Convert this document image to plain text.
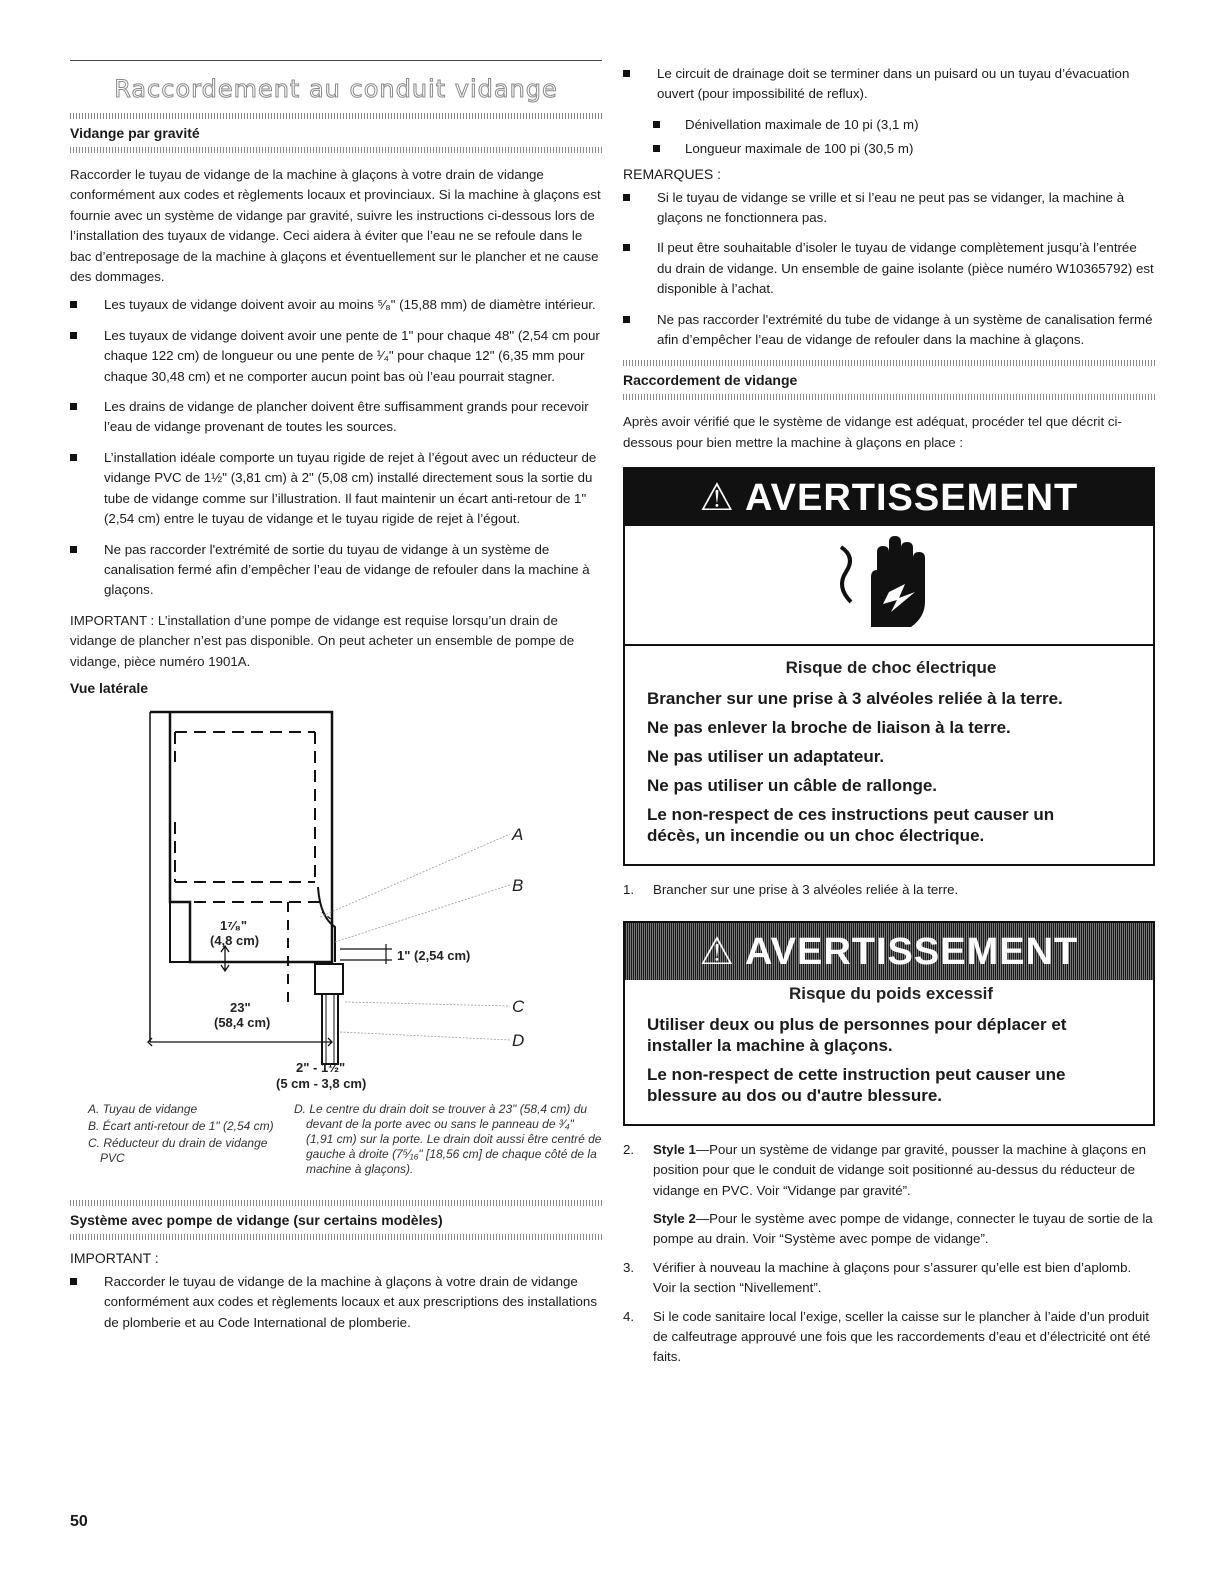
Raccordement au conduit vidange
Vidange par gravité

Raccorder le tuyau de vidange de la machine à glaçons à votre drain de vidange conformément aux codes et règlements locaux et provinciaux. Si la machine à glaçons est fournie avec un système de vidange par gravité, suivre les instructions ci-dessous lors de l’installation des tuyaux de vidange. Ceci aidera à éviter que l’eau ne se refoule dans le bac d’entreposage de la machine à glaçons et éventuellement sur le plancher et ne cause des dommages.

Les tuyaux de vidange doivent avoir au moins ⁵⁄₈" (15,88 mm) de diamètre intérieur.
Les tuyaux de vidange doivent avoir une pente de 1" pour chaque 48" (2,54 cm pour chaque 122 cm) de longueur ou une pente de ¹⁄₄" pour chaque 12" (6,35 mm pour chaque 30,48 cm) et ne comporter aucun point bas où l’eau pourrait stagner.
Les drains de vidange de plancher doivent être suffisamment grands pour recevoir l’eau de vidange provenant de toutes les sources.
L’installation idéale comporte un tuyau rigide de rejet à l’égout avec un réducteur de vidange PVC de 1½" (3,81 cm) à 2" (5,08 cm) installé directement sous la sortie du tube de vidange comme sur l’illustration. Il faut maintenir un écart anti-retour de 1" (2,54 cm) entre le tuyau de vidange et le tuyau rigide de rejet à l’égout.
Ne pas raccorder l'extrémité de sortie du tuyau de vidange à un système de canalisation fermé afin d’empêcher l’eau de vidange de refouler dans la machine à glaçons.

IMPORTANT : L’installation d’une pompe de vidange est requise lorsqu’un drain de vidange de plancher n’est pas disponible. On peut acheter un ensemble de pompe de vidange, pièce numéro 1901A.

Vue latérale
1⁷⁄₈"
(4,8 cm)
1" (2,54 cm)
23"
(58,4 cm)
2" - 1½"
(5 cm - 3,8 cm)
A
B
C
D
A. Tuyau de vidange
B. Écart anti-retour de 1" (2,54 cm)
C. Réducteur du drain de vidange PVC
D. Le centre du drain doit se trouver à 23" (58,4 cm) du devant de la porte avec ou sans le panneau de ³⁄₄" (1,91 cm) sur la porte. Le drain doit aussi être centré de gauche à droite (7⁵⁄₁₆" [18,56 cm] de chaque côté de la machine à glaçons).
Système avec pompe de vidange (sur certains modèles)
IMPORTANT :
Raccorder le tuyau de vidange de la machine à glaçons à votre drain de vidange conformément aux codes et règlements locaux et aux prescriptions des installations de plomberie et au Code International de plomberie.
Le circuit de drainage doit se terminer dans un puisard ou un tuyau d’évacuation ouvert (pour impossibilité de reflux).
Dénivellation maximale de 10 pi (3,1 m)
Longueur maximale de 100 pi (30,5 m)
REMARQUES :
Si le tuyau de vidange se vrille et si l’eau ne peut pas se vidanger, la machine à glaçons ne fonctionnera pas.
Il peut être souhaitable d’isoler le tuyau de vidange complètement jusqu’à l’entrée du drain de vidange. Un ensemble de gaine isolante (pièce numéro W10365792) est disponible à l’achat.
Ne pas raccorder l'extrémité du tube de vidange à un système de canalisation fermé afin d’empêcher l’eau de vidange de refouler dans la machine à glaçons.
Raccordement de vidange

Après avoir vérifié que le système de vidange est adéquat, procéder tel que décrit ci-dessous pour bien mettre la machine à glaçons en place :

⚠ AVERTISSEMENT
Risque de choc électrique
Brancher sur une prise à 3 alvéoles reliée à la terre.
Ne pas enlever la broche de liaison à la terre.
Ne pas utiliser un adaptateur.
Ne pas utiliser un câble de rallonge.
Le non-respect de ces instructions peut causer un décès, un incendie ou un choc électrique.
1. Brancher sur une prise à 3 alvéoles reliée à la terre.
⚠ AVERTISSEMENT
Risque du poids excessif
Utiliser deux ou plus de personnes pour déplacer et installer la machine à glaçons.
Le non-respect de cette instruction peut causer une blessure au dos ou d'autre blessure.
2. Style 1—Pour un système de vidange par gravité, pousser la machine à glaçons en position pour que le conduit de vidange soit positionné au-dessus du réducteur de vidange en PVC. Voir “Vidange par gravité”.
Style 2—Pour le système avec pompe de vidange, connecter le tuyau de sortie de la pompe au drain. Voir “Système avec pompe de vidange”.
3. Vérifier à nouveau la machine à glaçons pour s’assurer qu’elle est bien d’aplomb. Voir la section “Nivellement”.
4. Si le code sanitaire local l’exige, sceller la caisse sur le plancher à l’aide d’un produit de calfeutrage approuvé une fois que les raccordements d’eau et d’électricité ont été faits.
50
